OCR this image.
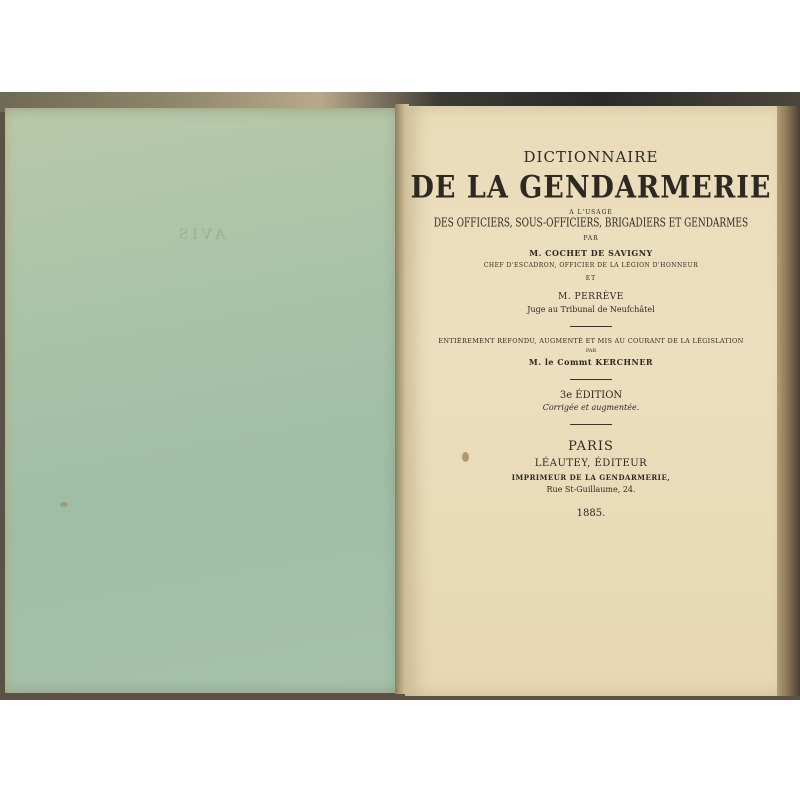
AVIS
DICTIONNAIRE
DE LA GENDARMERIE
A L'USAGE
DES OFFICIERS, SOUS-OFFICIERS, BRIGADIERS ET GENDARMES
PAR
M. COCHET DE SAVIGNY
CHEF D'ESCADRON, OFFICIER DE LA LÉGION D'HONNEUR
ET
M. PERRÈVE
Juge au Tribunal de Neufchâtel
ENTIÈREMENT REFONDU, AUGMENTÉ ET MIS AU COURANT DE LA LÉGISLATION
PAR
M. le Commt KERCHNER
3e ÉDITION
Corrigée et augmentée.
PARIS
LÉAUTEY, ÉDITEUR
IMPRIMEUR DE LA GENDARMERIE,
Rue St-Guillaume, 24.
1885.
